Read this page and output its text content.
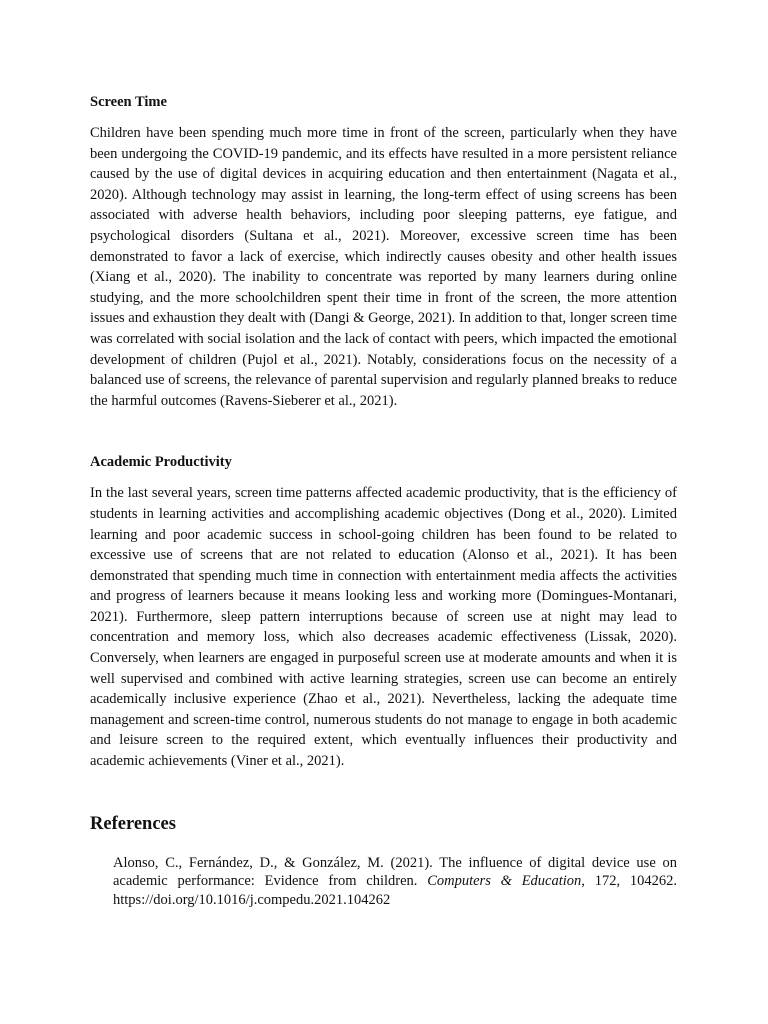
Screen Time

Children have been spending much more time in front of the screen, particularly when they have been undergoing the COVID-19 pandemic, and its effects have resulted in a more persistent reliance caused by the use of digital devices in acquiring education and then entertainment (Nagata et al., 2020). Although technology may assist in learning, the long-term effect of using screens has been associated with adverse health behaviors, including poor sleeping patterns, eye fatigue, and psychological disorders (Sultana et al., 2021). Moreover, excessive screen time has been demonstrated to favor a lack of exercise, which indirectly causes obesity and other health issues (Xiang et al., 2020). The inability to concentrate was reported by many learners during online studying, and the more schoolchildren spent their time in front of the screen, the more attention issues and exhaustion they dealt with (Dangi & George, 2021). In addition to that, longer screen time was correlated with social isolation and the lack of contact with peers, which impacted the emotional development of children (Pujol et al., 2021). Notably, considerations focus on the necessity of a balanced use of screens, the relevance of parental supervision and regularly planned breaks to reduce the harmful outcomes (Ravens-Sieberer et al., 2021).

Academic Productivity

In the last several years, screen time patterns affected academic productivity, that is the efficiency of students in learning activities and accomplishing academic objectives (Dong et al., 2020). Limited learning and poor academic success in school-going children has been found to be related to excessive use of screens that are not related to education (Alonso et al., 2021). It has been demonstrated that spending much time in connection with entertainment media affects the activities and progress of learners because it means looking less and working more (Domingues-Montanari, 2021). Furthermore, sleep pattern interruptions because of screen use at night may lead to concentration and memory loss, which also decreases academic effectiveness (Lissak, 2020). Conversely, when learners are engaged in purposeful screen use at moderate amounts and when it is well supervised and combined with active learning strategies, screen use can become an entirely academically inclusive experience (Zhao et al., 2021). Nevertheless, lacking the adequate time management and screen-time control, numerous students do not manage to engage in both academic and leisure screen to the required extent, which eventually influences their productivity and academic achievements (Viner et al., 2021).

References

Alonso, C., Fernández, D., & González, M. (2021). The influence of digital device use on academic performance: Evidence from children. Computers & Education, 172, 104262. https://doi.org/10.1016/j.compedu.2021.104262
